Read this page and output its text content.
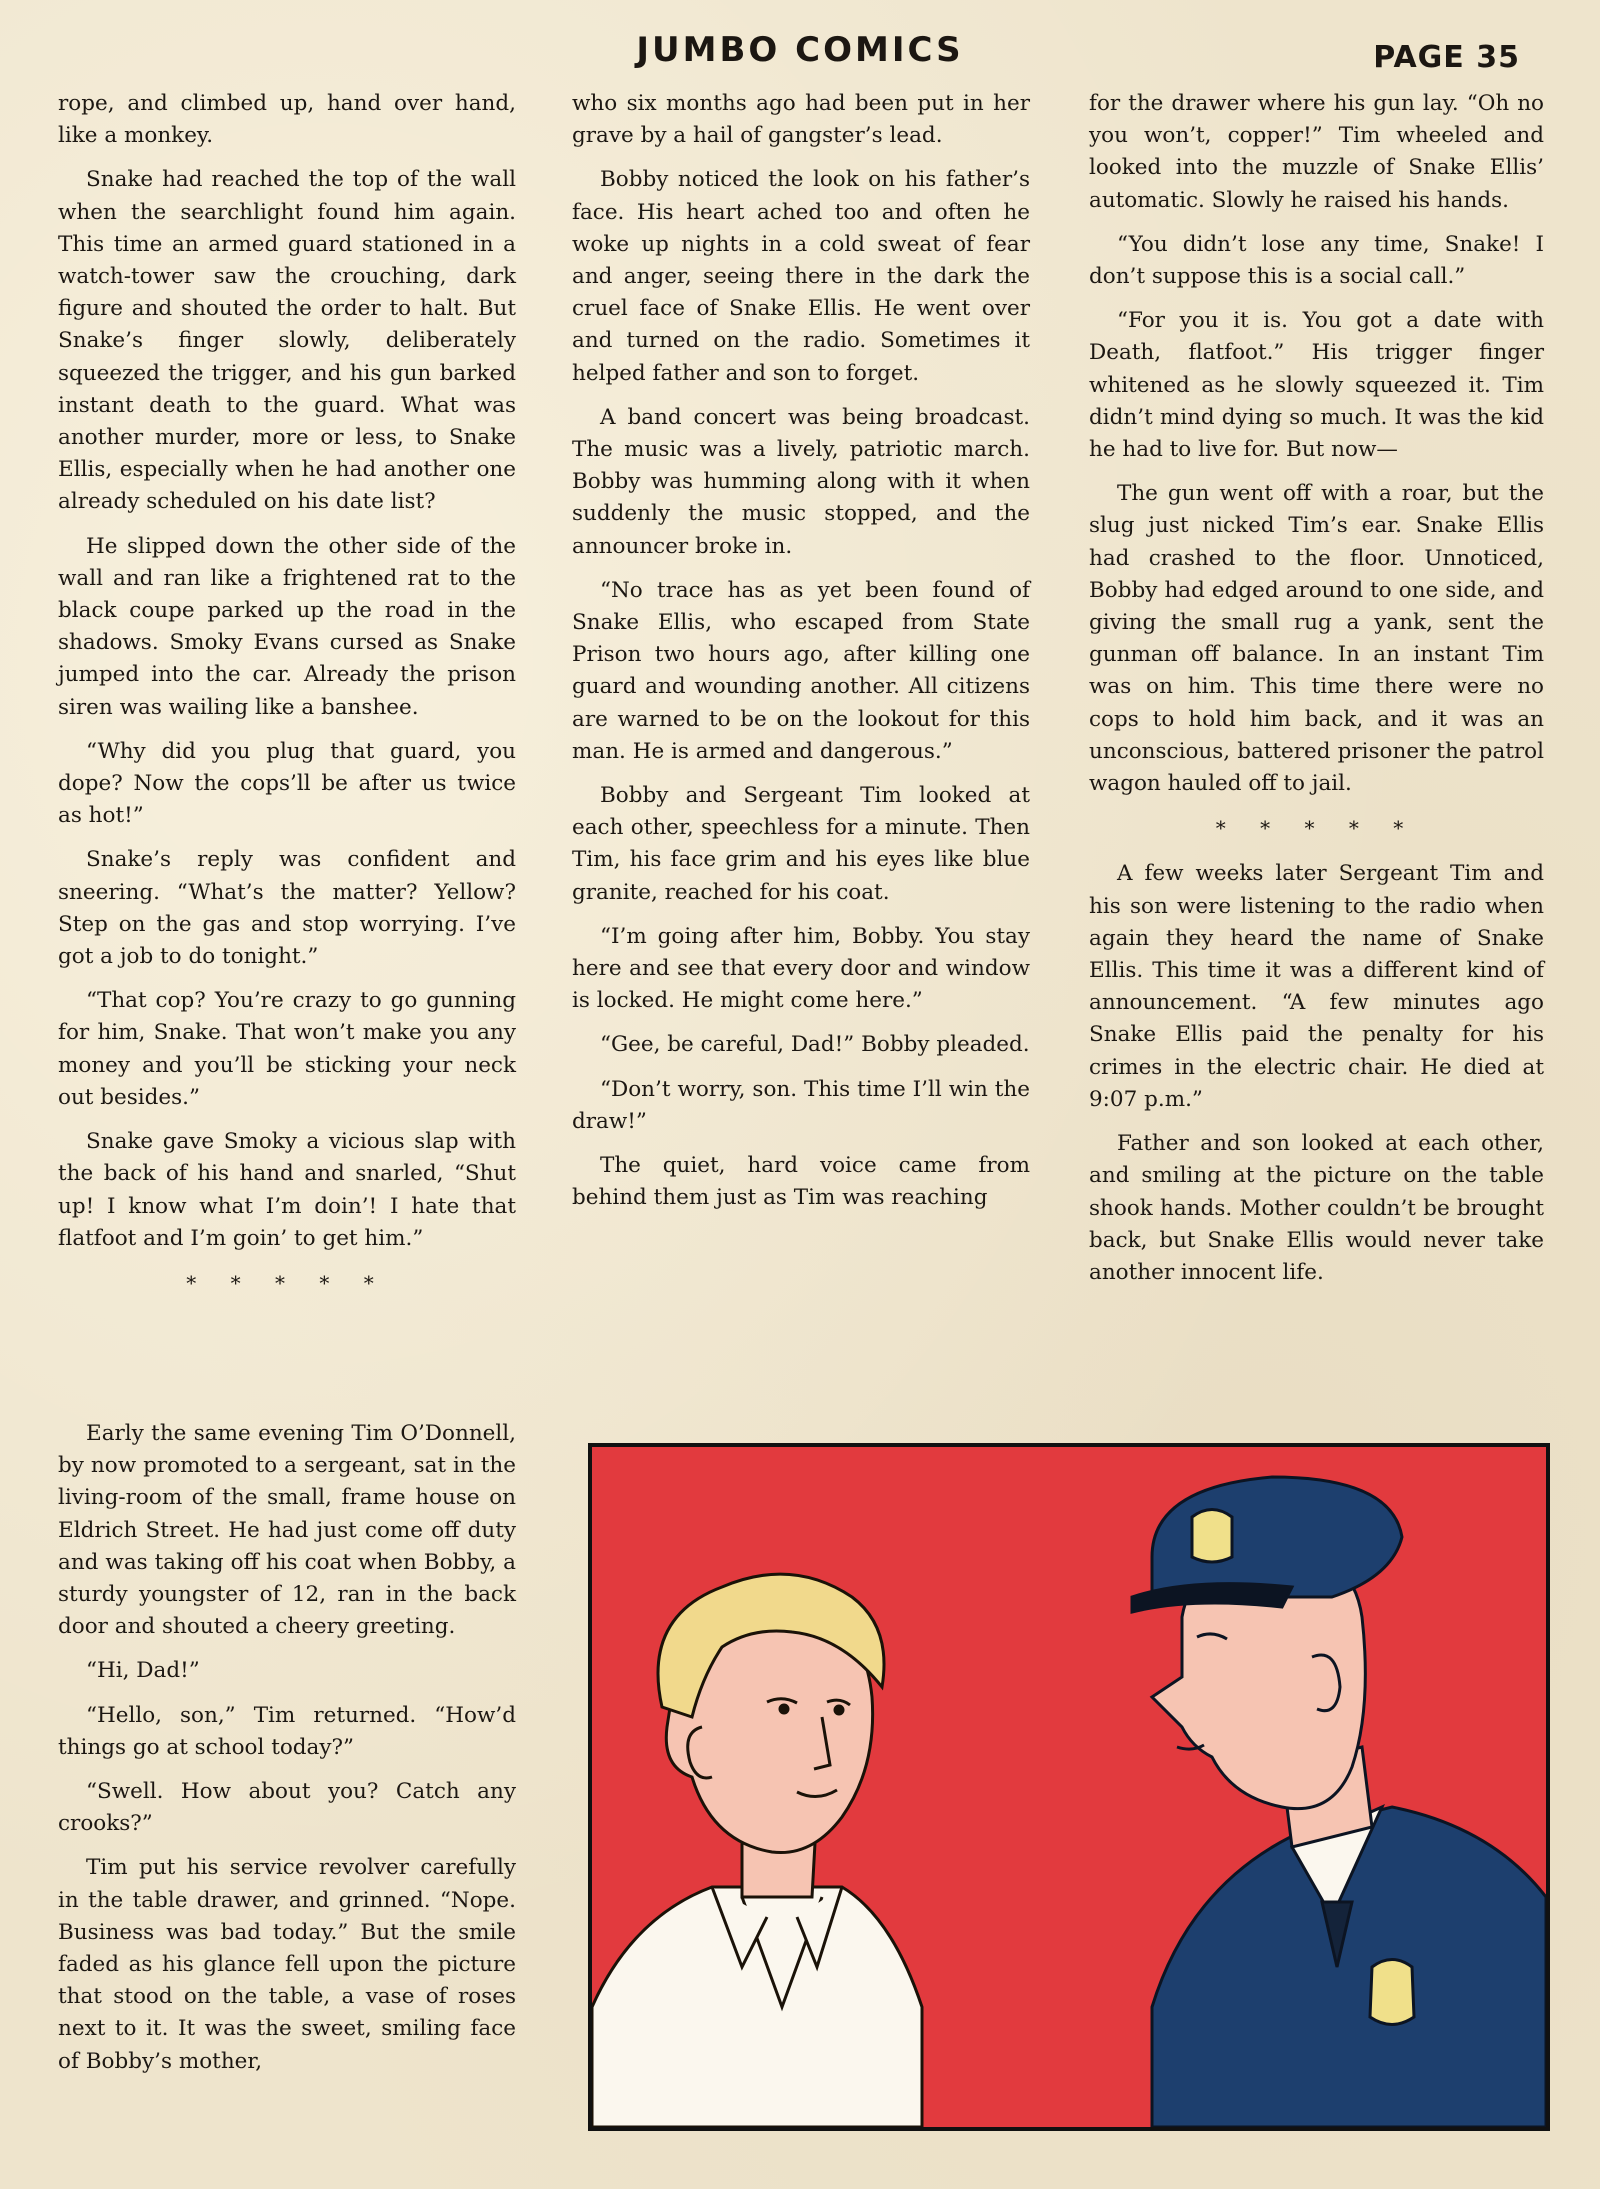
JUMBO COMICS	PAGE 35

rope, and climbed up, hand over hand, like a monkey.

Snake had reached the top of the wall when the searchlight found him again. This time an armed guard stationed in a watch-tower saw the crouching, dark figure and shouted the order to halt. But Snake’s finger slowly, deliberately squeezed the trigger, and his gun barked instant death to the guard. What was another murder, more or less, to Snake Ellis, especially when he had another one already scheduled on his date list?

He slipped down the other side of the wall and ran like a frightened rat to the black coupe parked up the road in the shadows. Smoky Evans cursed as Snake jumped into the car. Already the prison siren was wailing like a banshee.

“Why did you plug that guard, you dope? Now the cops’ll be after us twice as hot!”

Snake’s reply was confident and sneering. “What’s the matter? Yellow? Step on the gas and stop worrying. I’ve got a job to do tonight.”

“That cop? You’re crazy to go gunning for him, Snake. That won’t make you any money and you’ll be sticking your neck out besides.”

Snake gave Smoky a vicious slap with the back of his hand and snarled, “Shut up! I know what I’m doin’! I hate that flatfoot and I’m goin’ to get him.”

* * * * *

Early the same evening Tim O’Donnell, by now promoted to a sergeant, sat in the living-room of the small, frame house on Eldrich Street. He had just come off duty and was taking off his coat when Bobby, a sturdy youngster of 12, ran in the back door and shouted a cheery greeting.

“Hi, Dad!”

“Hello, son,” Tim returned. “How’d things go at school today?”

“Swell. How about you? Catch any crooks?”

Tim put his service revolver carefully in the table drawer, and grinned. “Nope. Business was bad today.” But the smile faded as his glance fell upon the picture that stood on the table, a vase of roses next to it. It was the sweet, smiling face of Bobby’s mother,

who six months ago had been put in her grave by a hail of gangster’s lead.

Bobby noticed the look on his father’s face. His heart ached too and often he woke up nights in a cold sweat of fear and anger, seeing there in the dark the cruel face of Snake Ellis. He went over and turned on the radio. Sometimes it helped father and son to forget.

A band concert was being broadcast. The music was a lively, patriotic march. Bobby was humming along with it when suddenly the music stopped, and the announcer broke in.

“No trace has as yet been found of Snake Ellis, who escaped from State Prison two hours ago, after killing one guard and wounding another. All citizens are warned to be on the lookout for this man. He is armed and dangerous.”

Bobby and Sergeant Tim looked at each other, speechless for a minute. Then Tim, his face grim and his eyes like blue granite, reached for his coat.

“I’m going after him, Bobby. You stay here and see that every door and window is locked. He might come here.”

“Gee, be careful, Dad!” Bobby pleaded.

“Don’t worry, son. This time I’ll win the draw!”

The quiet, hard voice came from behind them just as Tim was reaching

for the drawer where his gun lay. “Oh no you won’t, copper!” Tim wheeled and looked into the muzzle of Snake Ellis’ automatic. Slowly he raised his hands.

“You didn’t lose any time, Snake! I don’t suppose this is a social call.”

“For you it is. You got a date with Death, flatfoot.” His trigger finger whitened as he slowly squeezed it. Tim didn’t mind dying so much. It was the kid he had to live for. But now—

The gun went off with a roar, but the slug just nicked Tim’s ear. Snake Ellis had crashed to the floor. Unnoticed, Bobby had edged around to one side, and giving the small rug a yank, sent the gunman off balance. In an instant Tim was on him. This time there were no cops to hold him back, and it was an unconscious, battered prisoner the patrol wagon hauled off to jail.

* * * * *

A few weeks later Sergeant Tim and his son were listening to the radio when again they heard the name of Snake Ellis. This time it was a different kind of announcement. “A few minutes ago Snake Ellis paid the penalty for his crimes in the electric chair. He died at 9:07 p.m.”

Father and son looked at each other, and smiling at the picture on the table shook hands. Mother couldn’t be brought back, but Snake Ellis would never take another innocent life.
